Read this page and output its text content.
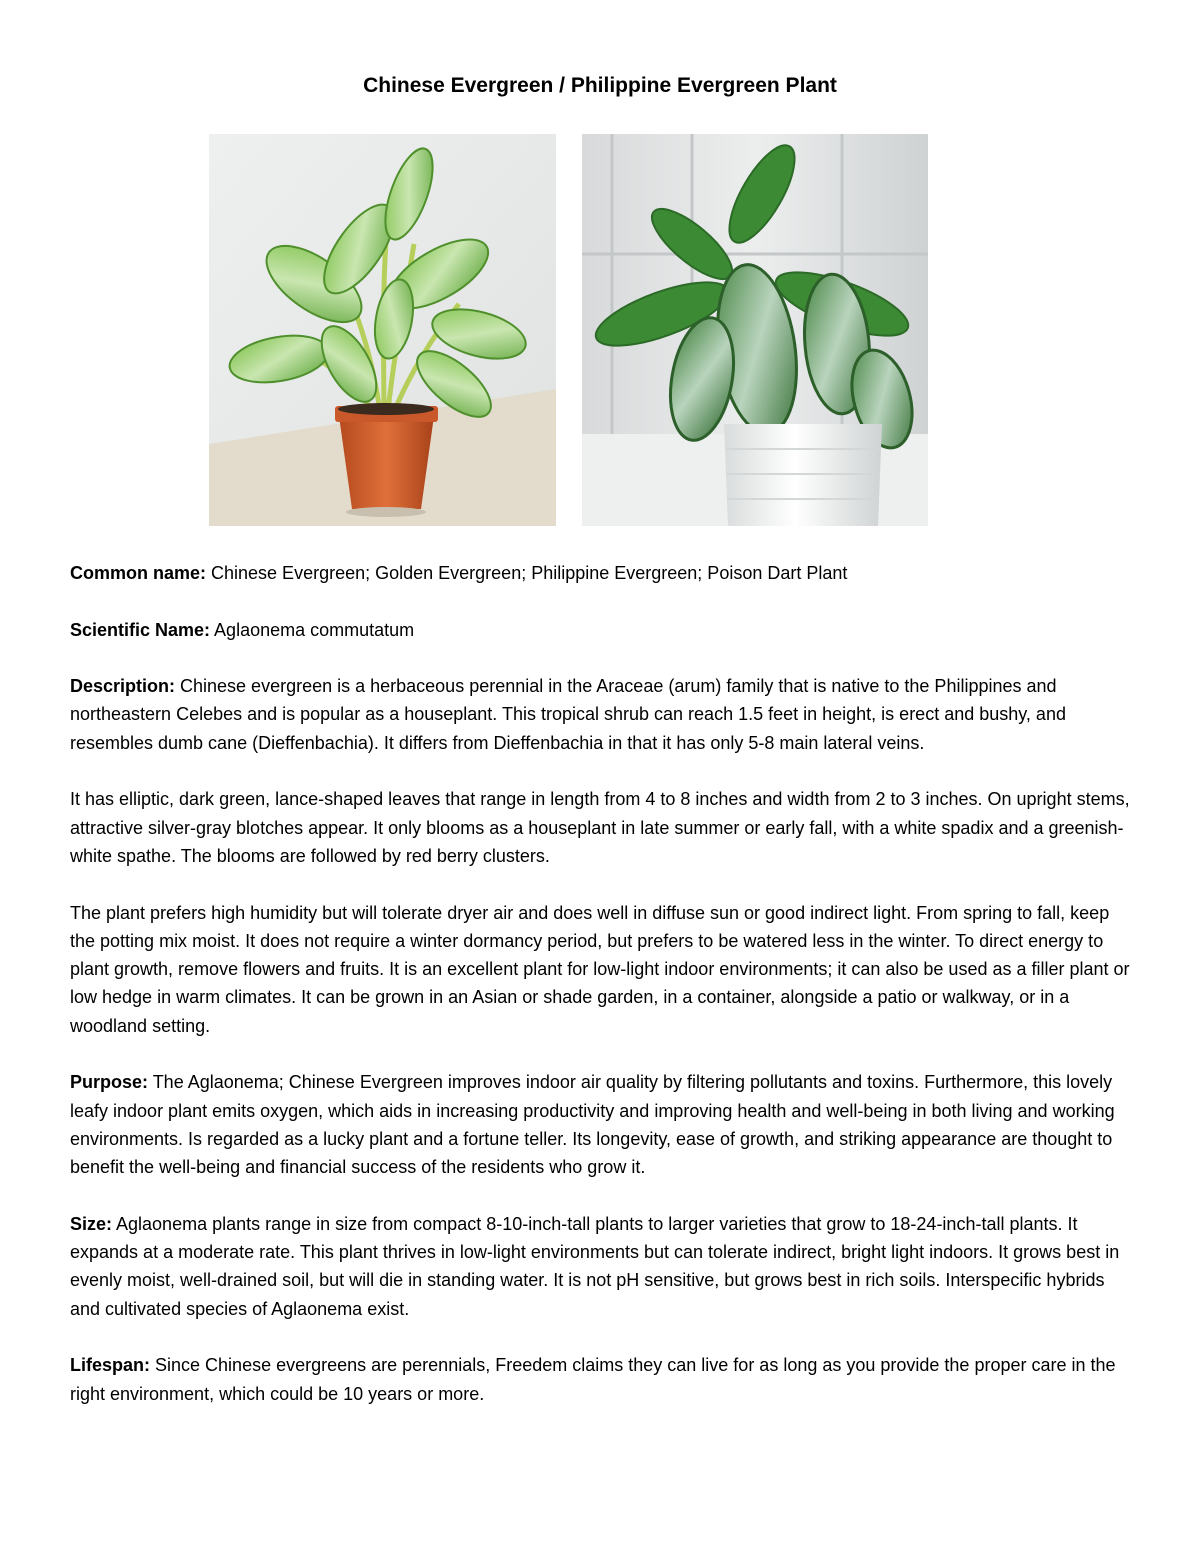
Chinese Evergreen / Philippine Evergreen Plant

Common name: Chinese Evergreen; Golden Evergreen; Philippine Evergreen; Poison Dart Plant

Scientific Name: Aglaonema commutatum

Description: Chinese evergreen is a herbaceous perennial in the Araceae (arum) family that is native to the Philippines and northeastern Celebes and is popular as a houseplant. This tropical shrub can reach 1.5 feet in height, is erect and bushy, and resembles dumb cane (Dieffenbachia). It differs from Dieffenbachia in that it has only 5-8 main lateral veins.

It has elliptic, dark green, lance-shaped leaves that range in length from 4 to 8 inches and width from 2 to 3 inches. On upright stems, attractive silver-gray blotches appear. It only blooms as a houseplant in late summer or early fall, with a white spadix and a greenish-white spathe. The blooms are followed by red berry clusters.

The plant prefers high humidity but will tolerate dryer air and does well in diffuse sun or good indirect light. From spring to fall, keep the potting mix moist. It does not require a winter dormancy period, but prefers to be watered less in the winter. To direct energy to plant growth, remove flowers and fruits. It is an excellent plant for low-light indoor environments; it can also be used as a filler plant or low hedge in warm climates. It can be grown in an Asian or shade garden, in a container, alongside a patio or walkway, or in a woodland setting.

Purpose: The Aglaonema; Chinese Evergreen improves indoor air quality by filtering pollutants and toxins. Furthermore, this lovely leafy indoor plant emits oxygen, which aids in increasing productivity and improving health and well-being in both living and working environments. Is regarded as a lucky plant and a fortune teller. Its longevity, ease of growth, and striking appearance are thought to benefit the well-being and financial success of the residents who grow it.

Size: Aglaonema plants range in size from compact 8-10-inch-tall plants to larger varieties that grow to 18-24-inch-tall plants. It expands at a moderate rate. This plant thrives in low-light environments but can tolerate indirect, bright light indoors. It grows best in evenly moist, well-drained soil, but will die in standing water. It is not pH sensitive, but grows best in rich soils. Interspecific hybrids and cultivated species of Aglaonema exist.

Lifespan: Since Chinese evergreens are perennials, Freedem claims they can live for as long as you provide the proper care in the right environment, which could be 10 years or more.
